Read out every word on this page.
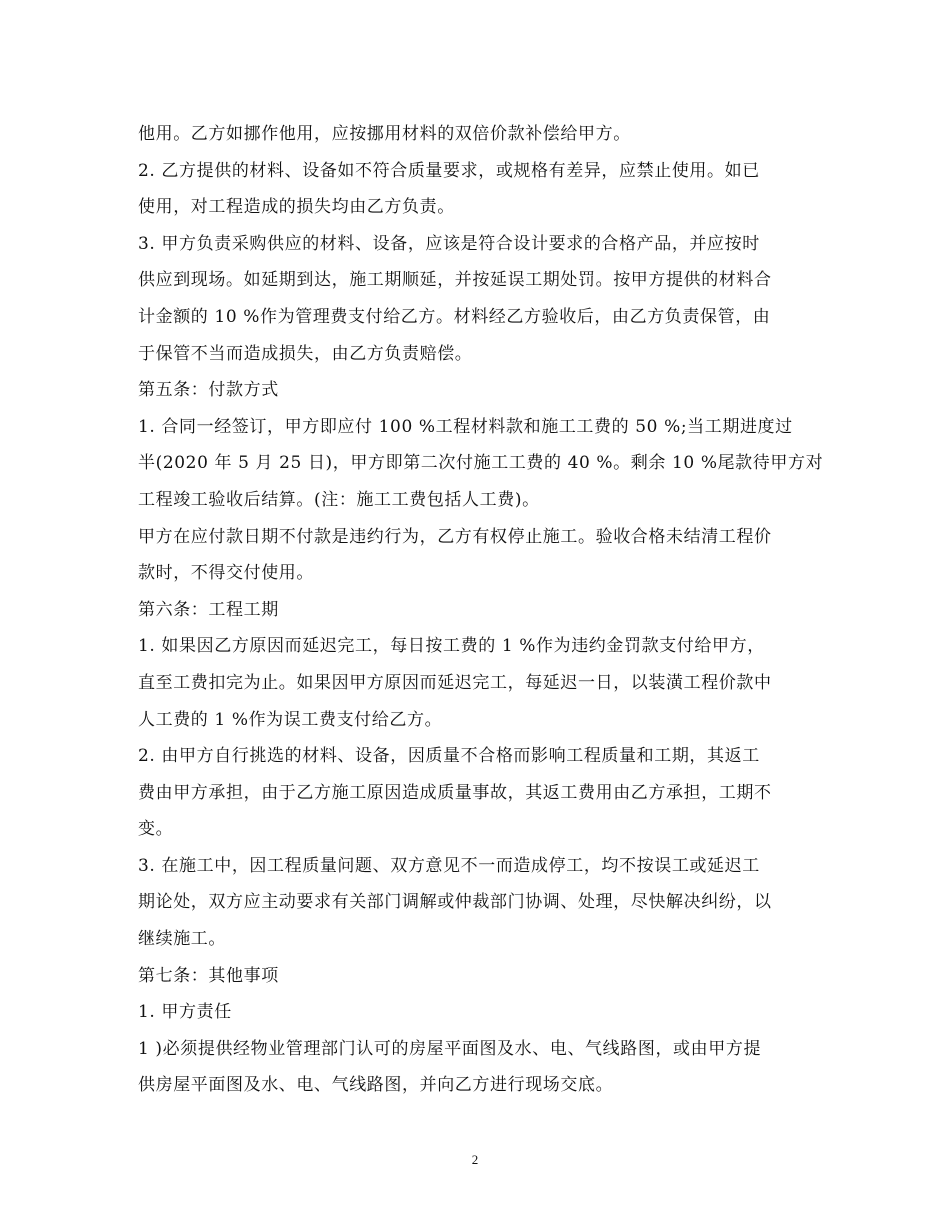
他用。乙方如挪作他用，应按挪用材料的双倍价款补偿给甲方。
2. 乙方提供的材料、设备如不符合质量要求，或规格有差异，应禁止使用。如已
使用，对工程造成的损失均由乙方负责。
3. 甲方负责采购供应的材料、设备，应该是符合设计要求的合格产品，并应按时
供应到现场。如延期到达，施工期顺延，并按延误工期处罚。按甲方提供的材料合
计金额的 10 %作为管理费支付给乙方。材料经乙方验收后，由乙方负责保管，由
于保管不当而造成损失，由乙方负责赔偿。
第五条：付款方式
1. 合同一经签订，甲方即应付 100 %工程材料款和施工工费的 50 %;当工期进度过
半(2020 年 5 月 25 日)，甲方即第二次付施工工费的 40 %。剩余 10 %尾款待甲方对
工程竣工验收后结算。(注：施工工费包括人工费)。
甲方在应付款日期不付款是违约行为，乙方有权停止施工。验收合格未结清工程价
款时，不得交付使用。
第六条：工程工期
1. 如果因乙方原因而延迟完工，每日按工费的 1 %作为违约金罚款支付给甲方，
直至工费扣完为止。如果因甲方原因而延迟完工，每延迟一日，以装潢工程价款中
人工费的 1 %作为误工费支付给乙方。
2. 由甲方自行挑选的材料、设备，因质量不合格而影响工程质量和工期，其返工
费由甲方承担，由于乙方施工原因造成质量事故，其返工费用由乙方承担，工期不
变。
3. 在施工中，因工程质量问题、双方意见不一而造成停工，均不按误工或延迟工
期论处，双方应主动要求有关部门调解或仲裁部门协调、处理，尽快解决纠纷，以
继续施工。
第七条：其他事项
1. 甲方责任
1 )必须提供经物业管理部门认可的房屋平面图及水、电、气线路图，或由甲方提
供房屋平面图及水、电、气线路图，并向乙方进行现场交底。
2
